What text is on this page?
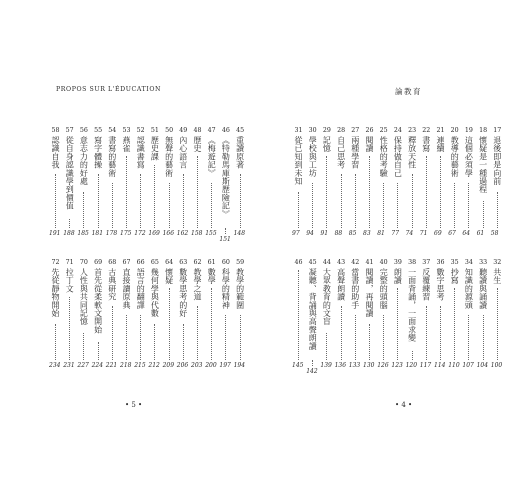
PROPOS SUR L'ÉDUCATION	論教育
17
退後即是向前
58
18
懷疑是一種過程
61
19
這個必須學
64
20
教導的藝術
67
21
連續
69
22
書寫
71
23
釋放天性
74
24
保持做自己
77
25
性格的考驗
81
26
閱讀
83
27
兩種學習
85
28
自己思考
88
29
記憶
91
30
學校與工坊
94
31
從已知到未知
97
32
共生
100
33
聽讀與誦讀
104
34
知識的源頭
107
35
抄寫
110
36
數字思考
114
37
反覆練習
117
38
一面背誦，一面求變
120
39
朗讀
123
40
完整的頭腦
126
41
閱讀，再閱讀
130
42
當書的助手
133
43
高聲朗讀
136
44
大眾教育的文盲
139
45
凝聽、背誦與高聲朗讀
142
46
145
45
重讀原著
148
46
《特勒馬庫斯歷險記》
151
47
《梅遊記》
155
48
歷史
158
49
內心語言
162
50
無聲的藝術
166
51
歷史課
169
52
認識書寫
172
53
燕雀
175
54
書寫的藝術
178
55
寫字體操
181
56
意志力的好處
185
57
從自身認識學到價值
188
58
認識自我
191
59
教學的範圍
194
60
科學的精神
197
61
數學
200
62
教學之道
203
63
數學思考的好
206
64
懷疑
209
65
幾何學與代數
212
66
語言的翻譯
215
67
直接讀原典
218
68
古典研究
221
69
首先從柔軟文開始
224
70
人性與共同記憶
227
71
拉丁文
231
72
先從靜物開始
234
• 5 •	• 4 •
